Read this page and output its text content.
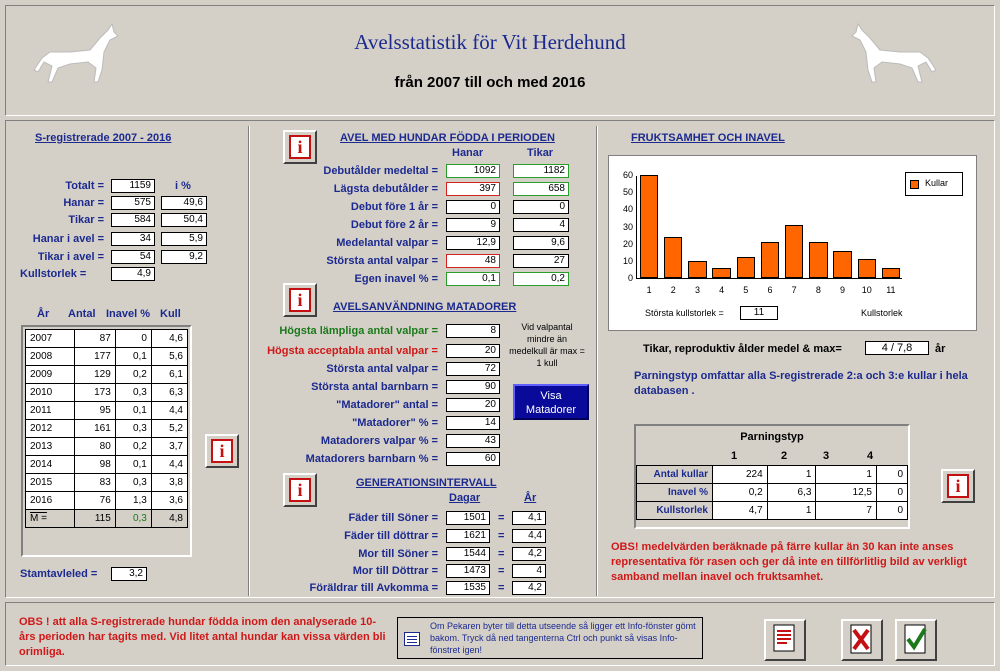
Avelsstatistik för Vit Herdehund
från 2007 till och med 2016
S-registrerade 2007 - 2016
i %
Totalt =	1159
Hanar =	575	49,6
Tikar =	584	50,4
Hanar i avel =	34	5,9
Tikar i avel =	54	9,2
Kullstorlek =	4,9
År Antal Inavel % Kull
2007	87	0	4,6
2008	177	0,1	5,6
2009	129	0,2	6,1
2010	173	0,3	6,3
2011	95	0,1	4,4
2012	161	0,3	5,2
2013	80	0,2	3,7
2014	98	0,1	4,4
2015	83	0,3	3,8
2016	76	1,3	3,6
M =	115	0,3	4,8
i
Stamtavleled =	3,2
i	AVEL MED HUNDAR FÖDDA I PERIODEN
Hanar	Tikar
Debutålder medeltal =	1092	1182
Lägsta debutålder =	397	658
Debut före 1 år =	0	0
Debut före 2 år =	9	4
Medelantal valpar =	12,9	9,6
Största antal valpar =	48	27
Egen inavel % =	0,1	0,2
i	AVELSANVÄNDNING MATADORER
Högsta lämpliga antal valpar =	8
Högsta acceptabla antal valpar =	20
Största antal valpar =	72
Största antal barnbarn =	90
"Matadorer" antal =	20
"Matadorer" % =	14
Matadorers valpar % =	43
Matadorers barnbarn % =	60
Vid valpantal mindre än medelkull är max = 1 kull
Visa Matadorer
i	GENERATIONSINTERVALL
Dagar	År
Fäder till Söner =	1501	=	4,1
Fäder till döttrar =	1621	=	4,4
Mor till Söner =	1544	=	4,2
Mor till Döttrar =	1473	=	4
Föräldrar till Avkomma =	1535	=	4,2
FRUKTSAMHET OCH INAVEL
0
10
20
30
40
50
60
1	2	3	4	5	6	7	8	9	10	11
Kullar
Största kullstorlek =	11	Kullstorlek
Tikar, reproduktiv ålder medel & max=	4 / 7,8	år
Parningstyp omfattar alla S-registrerade 2:a och 3:e kullar i hela databasen .
Parningstyp
1	2	3	4
Antal kullar	224	1	1	0
Inavel %	0,2	6,3	12,5	0
Kullstorlek	4,7	1	7	0
i
OBS! medelvärden beräknade på färre kullar än 30 kan inte anses representativa för rasen och ger då inte en tillförlitlig bild av verkligt samband mellan inavel och fruktsamhet.
OBS ! att alla S-registrerade hundar födda inom den analyserade 10-års perioden har tagits med. Vid litet antal hundar kan vissa värden bli orimliga.
Om Pekaren byter till detta utseende så ligger ett Info-fönster gömt bakom. Tryck då ned tangenterna Ctrl och punkt så visas Info-fönstret igen!
